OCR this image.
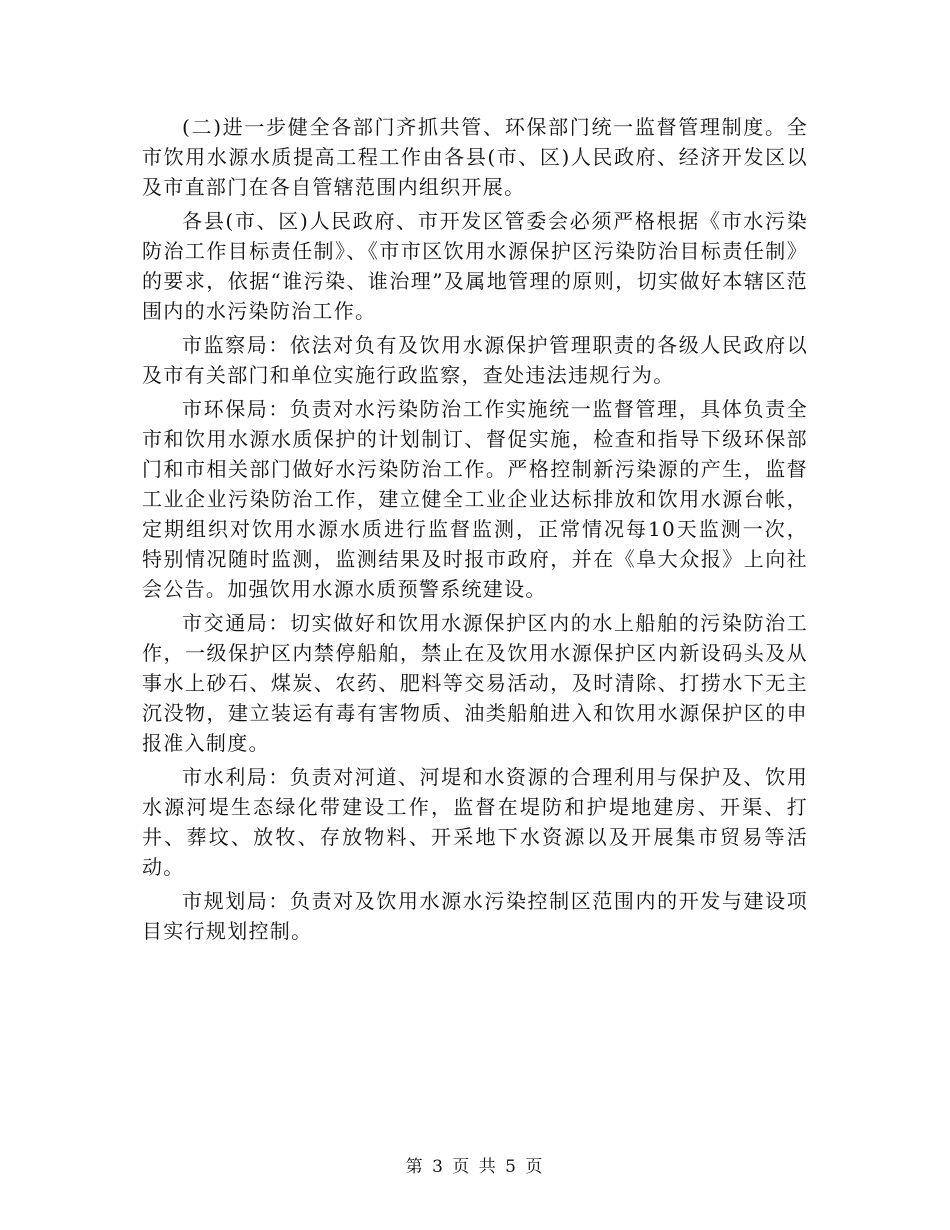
(二)进一步健全各部门齐抓共管、环保部门统一监督管理制度。全市饮用水源水质提高工程工作由各县(市、区)人民政府、经济开发区以及市直部门在各自管辖范围内组织开展。

各县(市、区)人民政府、市开发区管委会必须严格根据《市水污染防治工作目标责任制》、《市市区饮用水源保护区污染防治目标责任制》的要求，依据“谁污染、谁治理”及属地管理的原则，切实做好本辖区范围内的水污染防治工作。

市监察局：依法对负有及饮用水源保护管理职责的各级人民政府以及市有关部门和单位实施行政监察，查处违法违规行为。

市环保局：负责对水污染防治工作实施统一监督管理，具体负责全市和饮用水源水质保护的计划制订、督促实施，检查和指导下级环保部门和市相关部门做好水污染防治工作。严格控制新污染源的产生，监督工业企业污染防治工作，建立健全工业企业达标排放和饮用水源台帐，定期组织对饮用水源水质进行监督监测，正常情况每10天监测一次，特别情况随时监测，监测结果及时报市政府，并在《阜大众报》上向社会公告。加强饮用水源水质预警系统建设。

市交通局：切实做好和饮用水源保护区内的水上船舶的污染防治工作，一级保护区内禁停船舶，禁止在及饮用水源保护区内新设码头及从事水上砂石、煤炭、农药、肥料等交易活动，及时清除、打捞水下无主沉没物，建立装运有毒有害物质、油类船舶进入和饮用水源保护区的申报准入制度。

市水利局：负责对河道、河堤和水资源的合理利用与保护及、饮用水源河堤生态绿化带建设工作，监督在堤防和护堤地建房、开渠、打井、葬坟、放牧、存放物料、开采地下水资源以及开展集市贸易等活动。

市规划局：负责对及饮用水源水污染控制区范围内的开发与建设项目实行规划控制。

第 3 页 共 5 页
